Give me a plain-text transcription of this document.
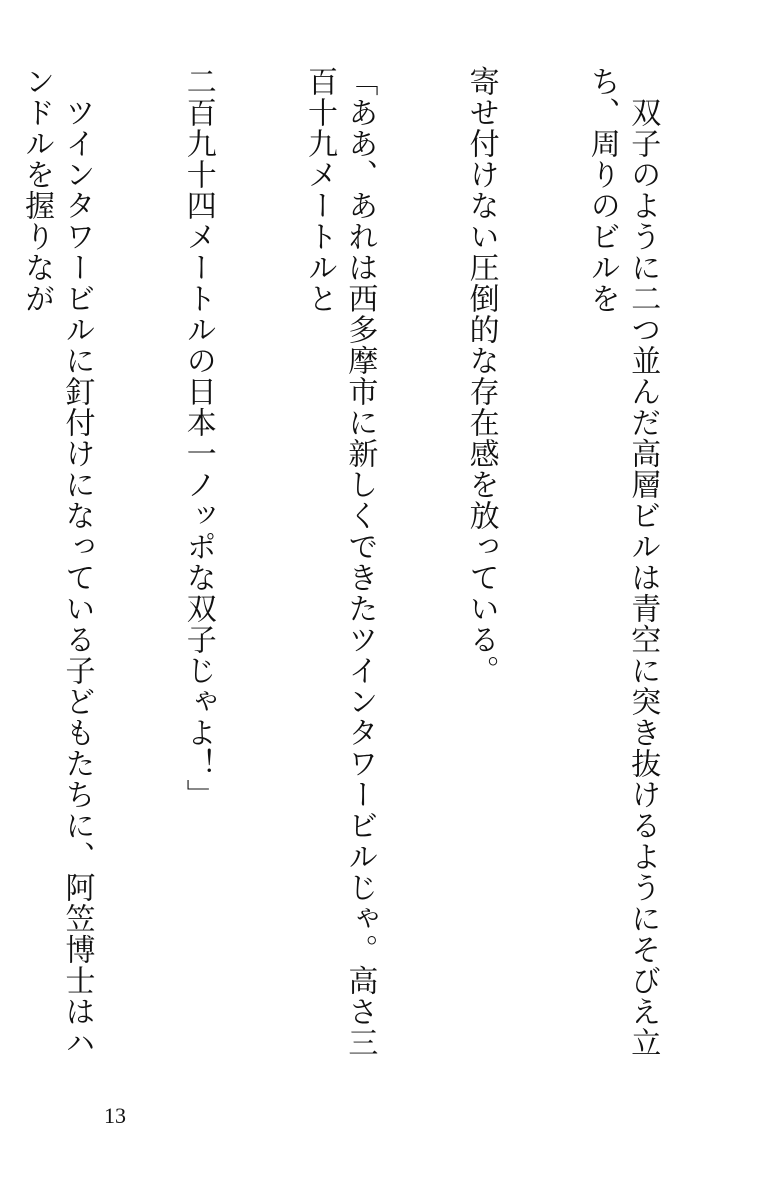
　双子のように二つ並んだ高層ビルは青空に突き抜けるようにそびえ立ち、周りのビルを

寄せ付けない圧倒的な存在感を放っている。

「ああ、あれは西多摩市に新しくできたツインタワービルじゃ。高さ三百十九メートルと

二百九十四メートルの日本一ノッポな双子じゃよ！」

　ツインタワービルに釘付けになっている子どもたちに、阿笠博士はハンドルを握りなが

13
